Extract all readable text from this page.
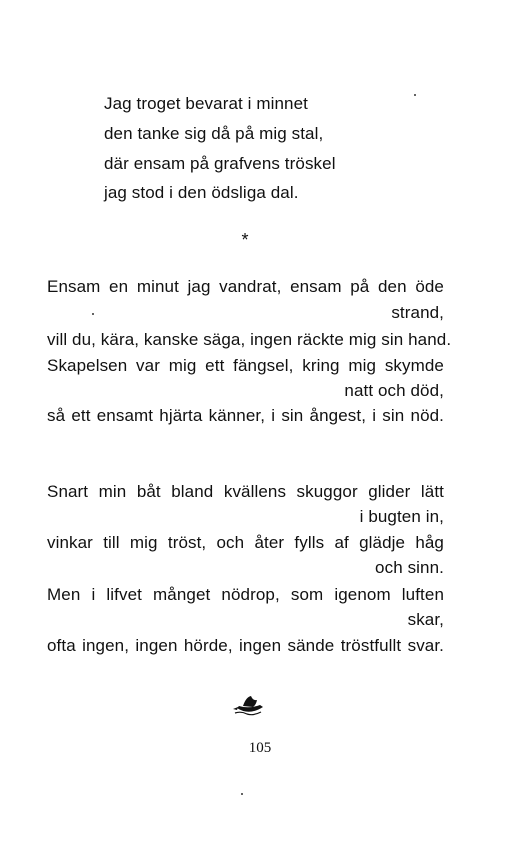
Jag troget bevarat i minnet
den tanke sig då på mig stal,
där ensam på grafvens tröskel
jag stod i den ödsliga dal.
*
Ensam en minut jag vandrat, ensam på den öde
strand,
vill du, kära, kanske säga, ingen räckte mig sin hand.
Skapelsen var mig ett fängsel, kring mig skymde
natt och död,
så ett ensamt hjärta känner, i sin ångest, i sin nöd.
Snart min båt bland kvällens skuggor glider lätt
i bugten in,
vinkar till mig tröst, och åter fylls af glädje håg
och sinn.
Men i lifvet månget nödrop, som igenom luften
skar,
ofta ingen, ingen hörde, ingen sände tröstfullt svar.
105
